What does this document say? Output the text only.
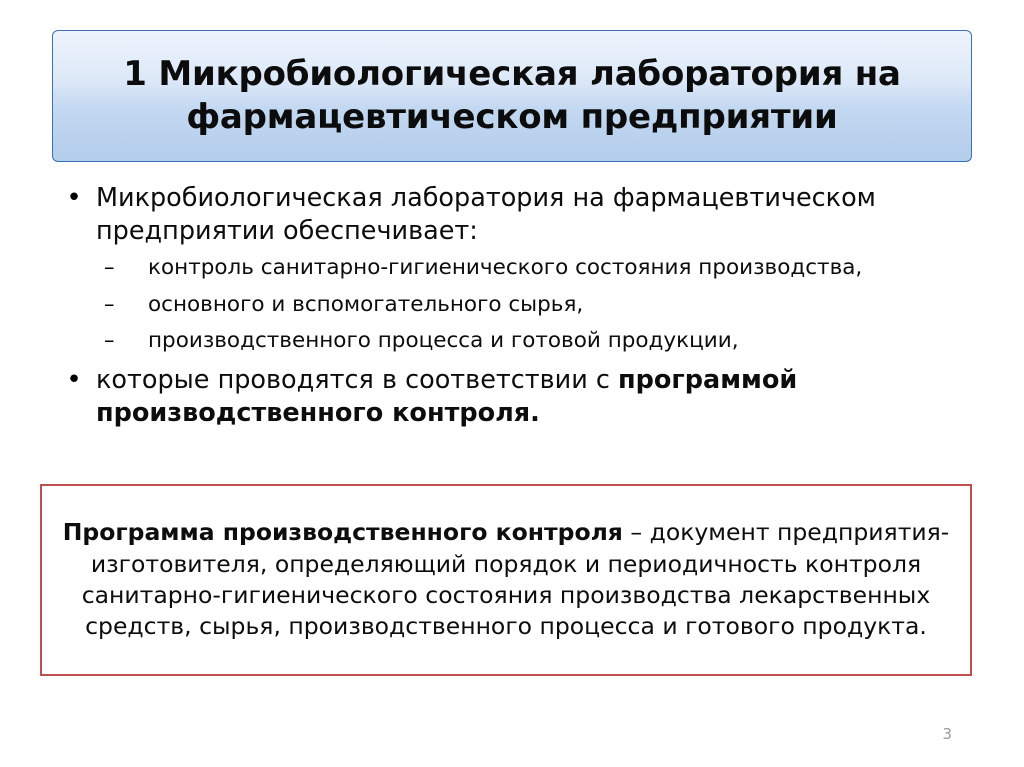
1 Микробиологическая лаборатория на фармацевтическом предприятии
• Микробиологическая лаборатория на фармацевтическом предприятии обеспечивает:
–	контроль санитарно-гигиенического состояния производства,
–	основного и вспомогательного сырья,
–	производственного процесса и готовой продукции,
• которые проводятся в соответствии с программой производственного контроля.
Программа производственного контроля – документ предприятия-изготовителя, определяющий порядок и периодичность контроля санитарно-гигиенического состояния производства лекарственных средств, сырья, производственного процесса и готового продукта.
3
